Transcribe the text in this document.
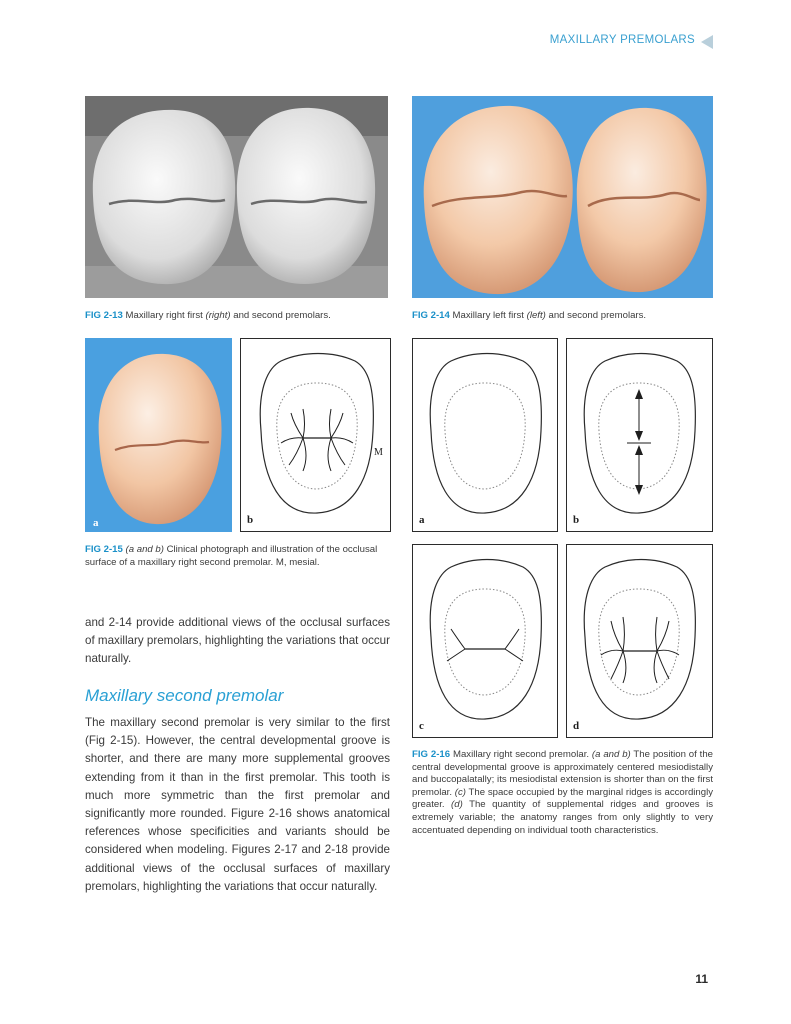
MAXILLARY PREMOLARS
FIG 2-13 Maxillary right first (right) and second premolars.	FIG 2-14 Maxillary left first (left) and second premolars.
a
M
b
FIG 2-15 (a and b) Clinical photograph and illustration of the occlusal surface of a maxillary right second premolar. M, mesial.
a	b
c	d
FIG 2-16 Maxillary right second premolar. (a and b) The position of the central developmental groove is approximately centered mesiodistally and buccopalatally; its mesiodistal extension is shorter than on the first premolar. (c) The space occupied by the marginal ridges is accordingly greater. (d) The quantity of supplemental ridges and grooves is extremely variable; the anatomy ranges from only slightly to very accentuated depending on individual tooth characteristics.

and 2-14 provide additional views of the occlusal surfaces of maxillary premolars, highlighting the variations that occur naturally.

Maxillary second premolar

The maxillary second premolar is very similar to the first (Fig 2-15). However, the central developmental groove is shorter, and there are many more supplemental grooves extending from it than in the first premolar. This tooth is much more symmetric than the first premolar and significantly more rounded. Figure 2-16 shows anatomical references whose specificities and variants should be considered when modeling. Figures 2-17 and 2-18 provide additional views of the occlusal surfaces of maxillary premolars, highlighting the variations that occur naturally.

11
